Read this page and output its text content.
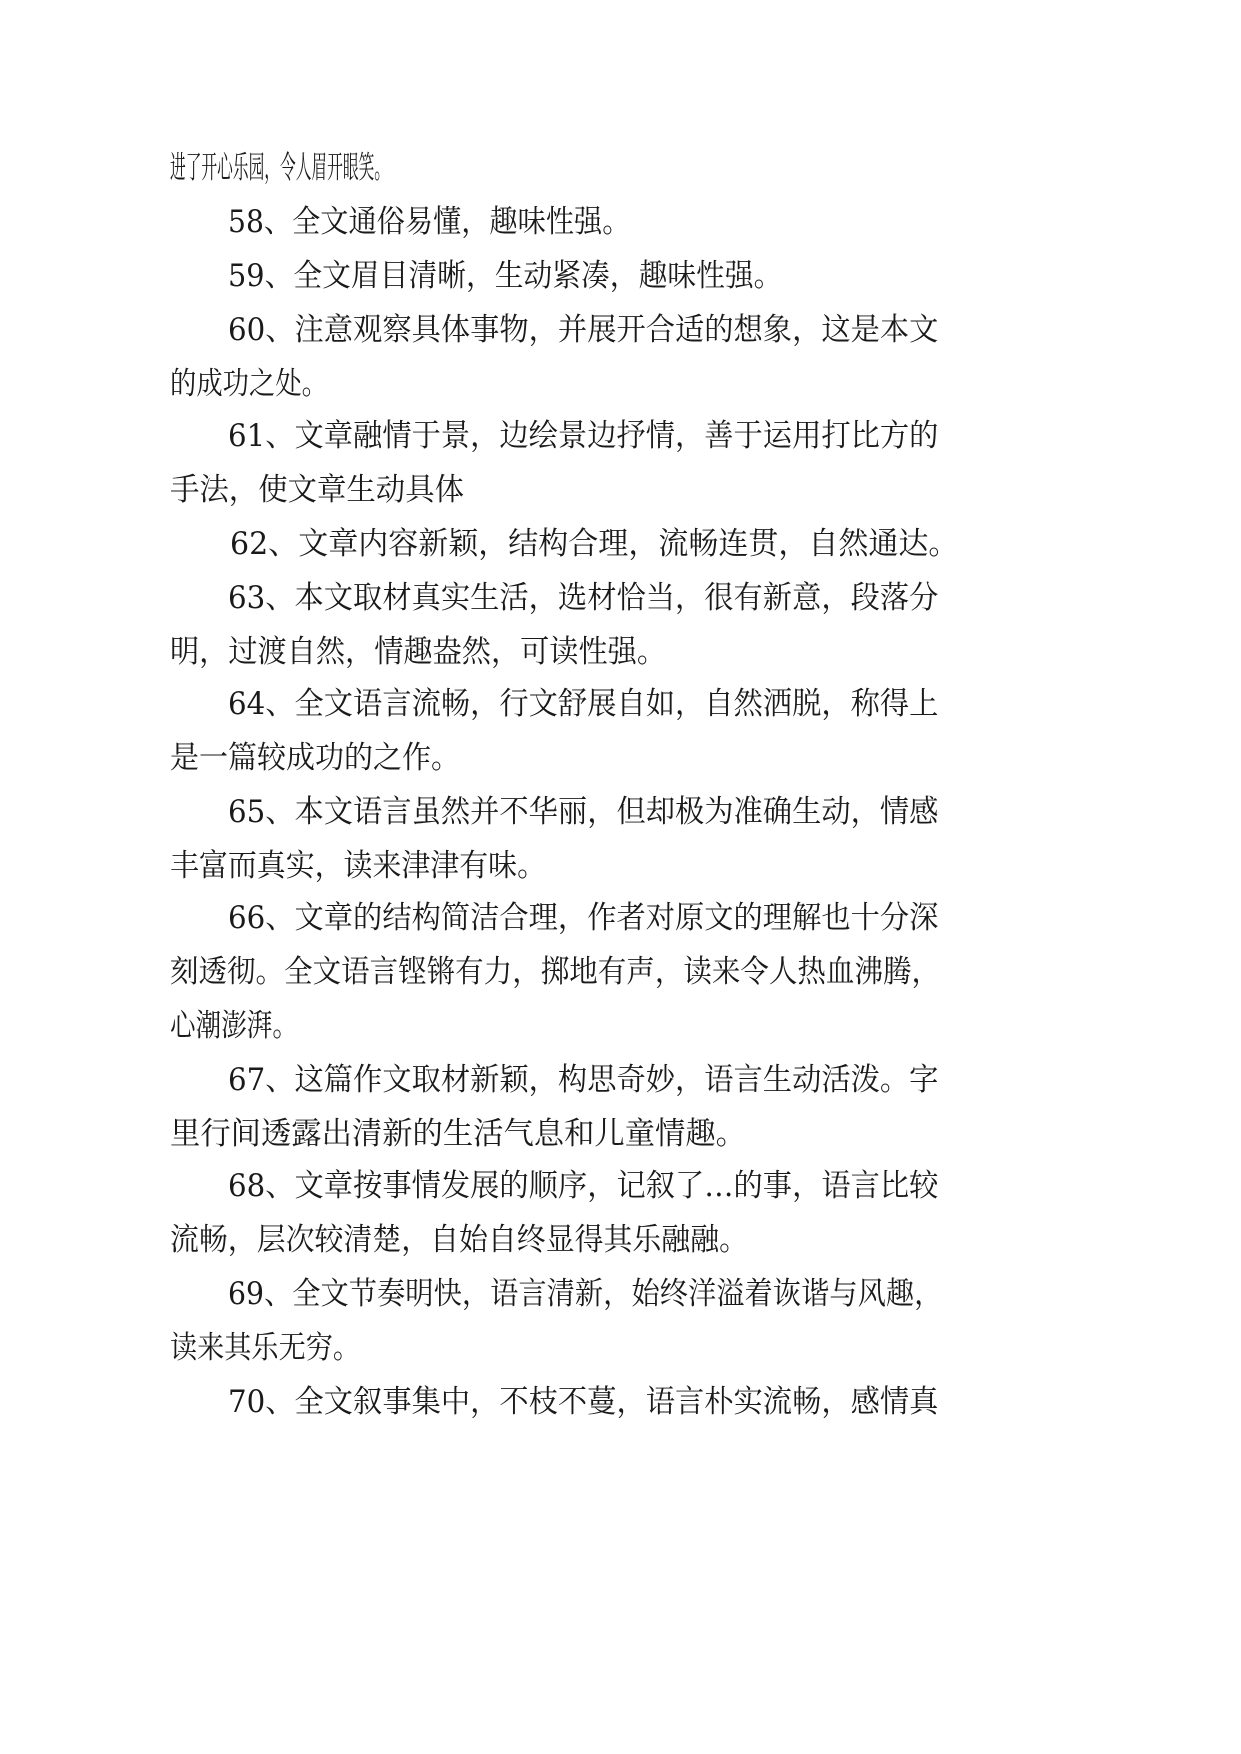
进了开心乐园，令人眉开眼笑。
58、全文通俗易懂，趣味性强。
59、全文眉目清晰，生动紧凑，趣味性强。
60、注意观察具体事物，并展开合适的想象，这是本文
的成功之处。
61、文章融情于景，边绘景边抒情，善于运用打比方的
手法，使文章生动具体
62、文章内容新颖，结构合理，流畅连贯，自然通达。
63、本文取材真实生活，选材恰当，很有新意，段落分
明，过渡自然，情趣盎然，可读性强。
64、全文语言流畅，行文舒展自如，自然洒脱，称得上
是一篇较成功的之作。
65、本文语言虽然并不华丽，但却极为准确生动，情感
丰富而真实，读来津津有味。
66、文章的结构简洁合理，作者对原文的理解也十分深
刻透彻。全文语言铿锵有力，掷地有声，读来令人热血沸腾，
心潮澎湃。
67、这篇作文取材新颖，构思奇妙，语言生动活泼。字
里行间透露出清新的生活气息和儿童情趣。
68、文章按事情发展的顺序，记叙了…的事，语言比较
流畅，层次较清楚，自始自终显得其乐融融。
69、全文节奏明快，语言清新，始终洋溢着诙谐与风趣，
读来其乐无穷。
70、全文叙事集中，不枝不蔓，语言朴实流畅，感情真
